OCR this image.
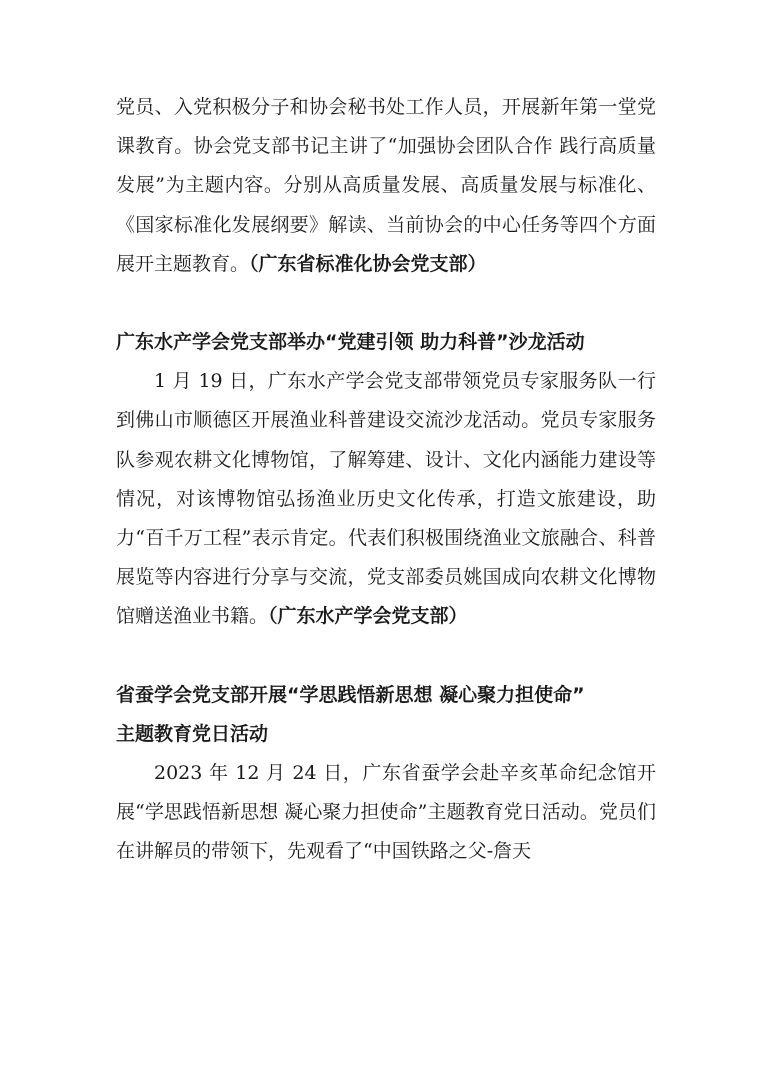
党员、入党积极分子和协会秘书处工作人员，开展新年第一堂党课教育。协会党支部书记主讲了“加强协会团队合作 践行高质量发展”为主题内容。分别从高质量发展、高质量发展与标准化、《国家标准化发展纲要》解读、当前协会的中心任务等四个方面展开主题教育。（广东省标准化协会党支部）

广东水产学会党支部举办“党建引领 助力科普”沙龙活动

1 月 19 日，广东水产学会党支部带领党员专家服务队一行到佛山市顺德区开展渔业科普建设交流沙龙活动。党员专家服务队参观农耕文化博物馆，了解筹建、设计、文化内涵能力建设等情况，对该博物馆弘扬渔业历史文化传承，打造文旅建设，助力“百千万工程”表示肯定。代表们积极围绕渔业文旅融合、科普展览等内容进行分享与交流，党支部委员姚国成向农耕文化博物馆赠送渔业书籍。（广东水产学会党支部）

省蚕学会党支部开展“学思践悟新思想 凝心聚力担使命”
主题教育党日活动

2023 年 12 月 24 日，广东省蚕学会赴辛亥革命纪念馆开展“学思践悟新思想 凝心聚力担使命”主题教育党日活动。党员们在讲解员的带领下，先观看了“中国铁路之父-詹天
